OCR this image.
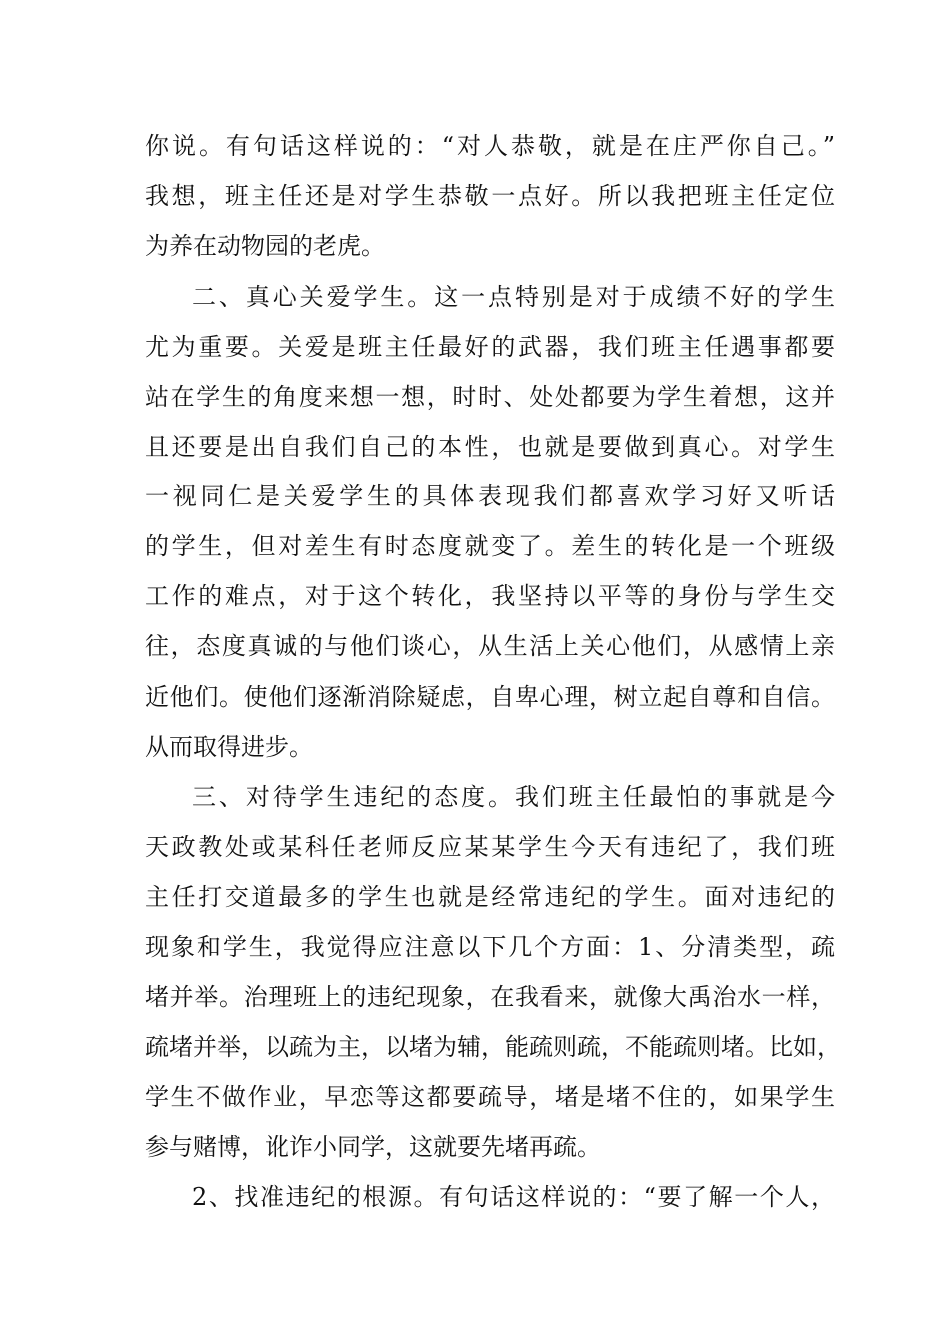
你说。有句话这样说的：“对人恭敬，就是在庄严你自己。”
我想，班主任还是对学生恭敬一点好。所以我把班主任定位
为养在动物园的老虎。
二、真心关爱学生。这一点特别是对于成绩不好的学生
尤为重要。关爱是班主任最好的武器，我们班主任遇事都要
站在学生的角度来想一想，时时、处处都要为学生着想，这并
且还要是出自我们自己的本性，也就是要做到真心。对学生
一视同仁是关爱学生的具体表现我们都喜欢学习好又听话
的学生，但对差生有时态度就变了。差生的转化是一个班级
工作的难点，对于这个转化，我坚持以平等的身份与学生交
往，态度真诚的与他们谈心，从生活上关心他们，从感情上亲
近他们。使他们逐渐消除疑虑，自卑心理，树立起自尊和自信。
从而取得进步。
三、对待学生违纪的态度。我们班主任最怕的事就是今
天政教处或某科任老师反应某某学生今天有违纪了，我们班
主任打交道最多的学生也就是经常违纪的学生。面对违纪的
现象和学生，我觉得应注意以下几个方面：1、分清类型，疏
堵并举。治理班上的违纪现象，在我看来，就像大禹治水一样，
疏堵并举，以疏为主，以堵为辅，能疏则疏，不能疏则堵。比如，
学生不做作业，早恋等这都要疏导，堵是堵不住的，如果学生
参与赌博，讹诈小同学，这就要先堵再疏。
2、找准违纪的根源。有句话这样说的：“要了解一个人，
